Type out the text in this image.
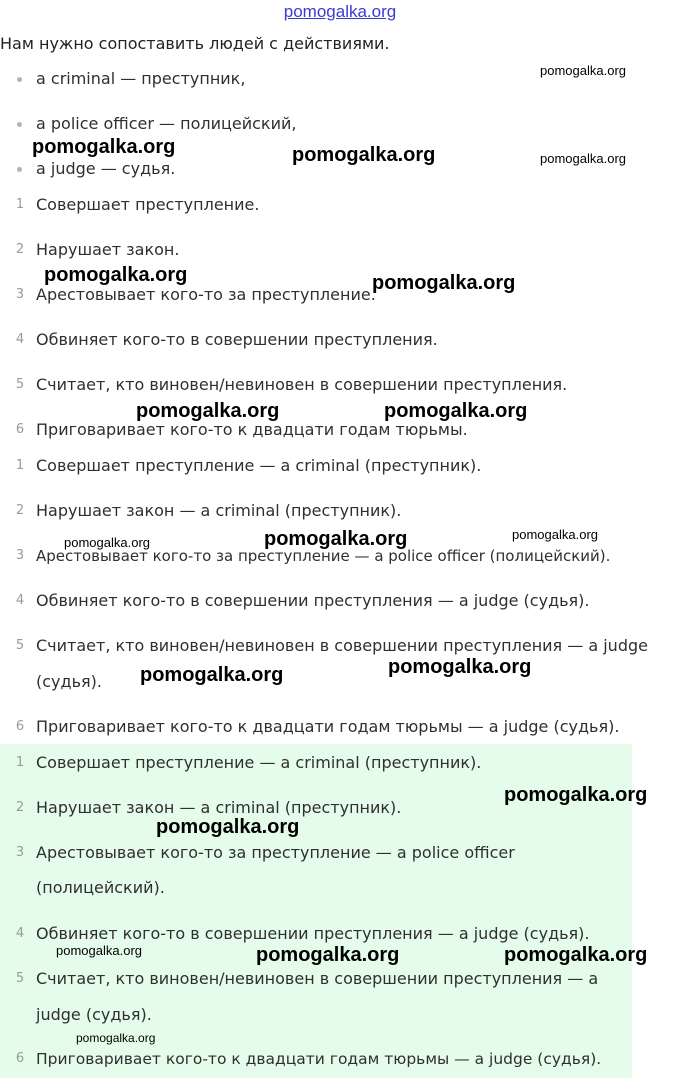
pomogalka.org
Нам нужно сопоставить людей с действиями.
a criminal — преступник,
a police officer — полицейский,
a judge — судья.
1 Совершает преступление.
2 Нарушает закон.
3 Арестовывает кого-то за преступление.
4 Обвиняет кого-то в совершении преступления.
5 Считает, кто виновен/невиновен в совершении преступления.
6 Приговаривает кого-то к двадцати годам тюрьмы.
1 Совершает преступление — a criminal (преступник).
2 Нарушает закон — a criminal (преступник).
3 Арестовывает кого-то за преступление — a police officer (полицейский).
4 Обвиняет кого-то в совершении преступления — a judge (судья).
5 Считает, кто виновен/невиновен в совершении преступления — a judge
(судья).
6 Приговаривает кого-то к двадцати годам тюрьмы — a judge (судья).
1 Совершает преступление — a criminal (преступник).
2 Нарушает закон — a criminal (преступник).
3 Арестовывает кого-то за преступление — a police officer
(полицейский).
4 Обвиняет кого-то в совершении преступления — a judge (судья).
5 Считает, кто виновен/невиновен в совершении преступления — a
judge (судья).
6 Приговаривает кого-то к двадцати годам тюрьмы — a judge (судья).
pomogalka.org
pomogalka.org	pomogalka.org	pomogalka.org
pomogalka.org	pomogalka.org
pomogalka.org	pomogalka.org
pomogalka.org
pomogalka.org
pomogalka.org
pomogalka.org
pomogalka.org
pomogalka.org
pomogalka.org
pomogalka.org	pomogalka.org	pomogalka.org
pomogalka.org
